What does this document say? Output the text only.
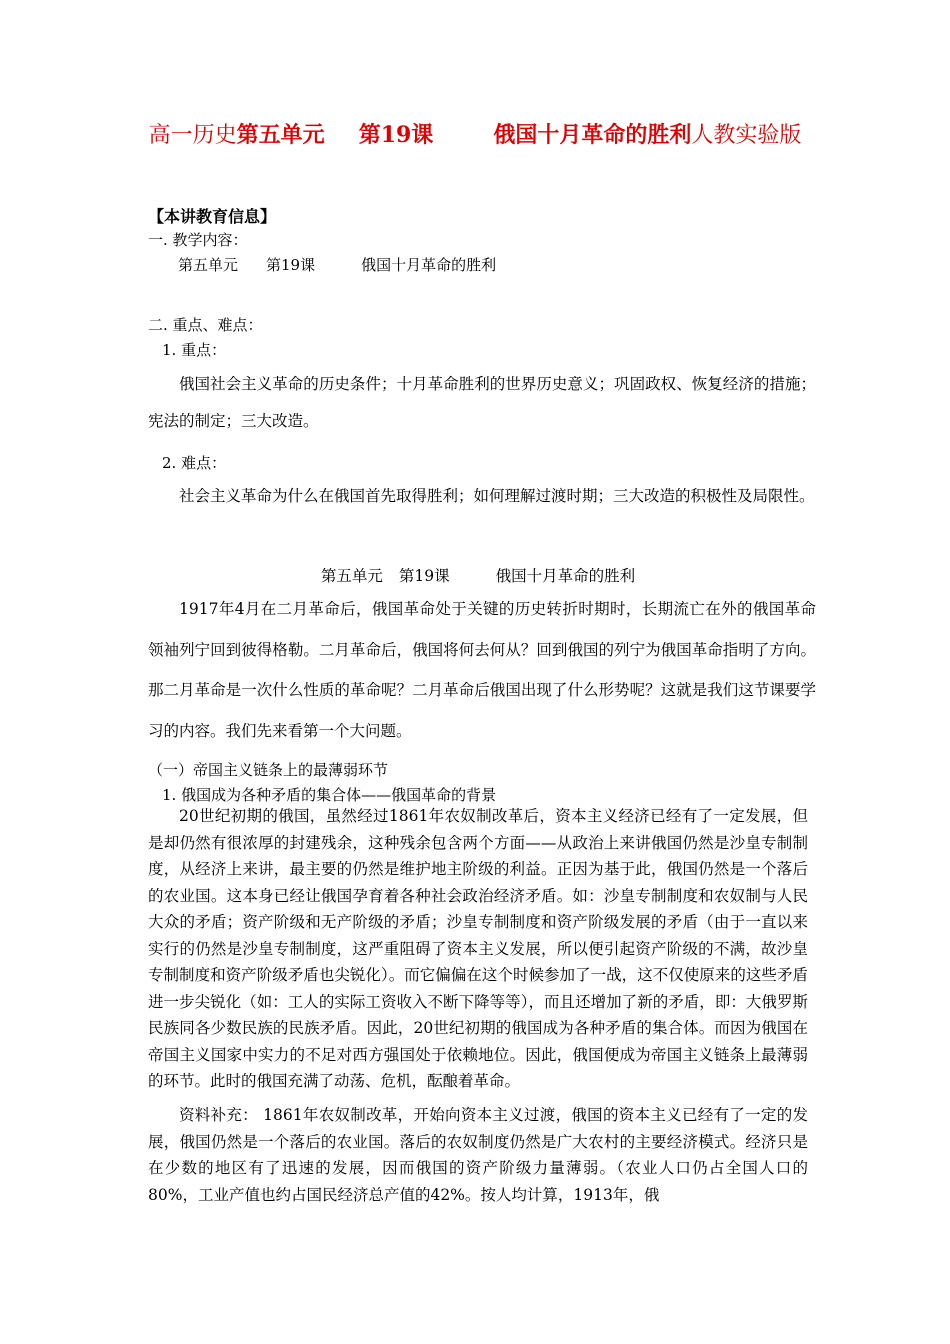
高一历史第五单元 第19课	俄国十月革命的胜利人教实验版
【本讲教育信息】
一. 教学内容：
第五单元 第19课	俄国十月革命的胜利
二. 重点、难点：
1. 重点：
俄国社会主义革命的历史条件；十月革命胜利的世界历史意义；巩固政权、恢复经济的措施；宪法的制定；三大改造。
2. 难点：
社会主义革命为什么在俄国首先取得胜利；如何理解过渡时期；三大改造的积极性及局限性。
第五单元 第19课	俄国十月革命的胜利
1917年4月在二月革命后，俄国革命处于关键的历史转折时期时，长期流亡在外的俄国革命领袖列宁回到彼得格勒。二月革命后，俄国将何去何从？回到俄国的列宁为俄国革命指明了方向。那二月革命是一次什么性质的革命呢？二月革命后俄国出现了什么形势呢？这就是我们这节课要学习的内容。我们先来看第一个大问题。
（一）帝国主义链条上的最薄弱环节
1. 俄国成为各种矛盾的集合体——俄国革命的背景
20世纪初期的俄国，虽然经过1861年农奴制改革后，资本主义经济已经有了一定发展，但是却仍然有很浓厚的封建残余，这种残余包含两个方面——从政治上来讲俄国仍然是沙皇专制制度，从经济上来讲，最主要的仍然是维护地主阶级的利益。正因为基于此，俄国仍然是一个落后的农业国。这本身已经让俄国孕育着各种社会政治经济矛盾。如：沙皇专制制度和农奴制与人民大众的矛盾；资产阶级和无产阶级的矛盾；沙皇专制制度和资产阶级发展的矛盾（由于一直以来实行的仍然是沙皇专制制度，这严重阻碍了资本主义发展，所以便引起资产阶级的不满，故沙皇专制制度和资产阶级矛盾也尖锐化）。而它偏偏在这个时候参加了一战，这不仅使原来的这些矛盾进一步尖锐化（如：工人的实际工资收入不断下降等等），而且还增加了新的矛盾，即：大俄罗斯民族同各少数民族的民族矛盾。因此，20世纪初期的俄国成为各种矛盾的集合体。而因为俄国在帝国主义国家中实力的不足对西方强国处于依赖地位。因此，俄国便成为帝国主义链条上最薄弱的环节。此时的俄国充满了动荡、危机，酝酿着革命。
资料补充： 1861年农奴制改革，开始向资本主义过渡，俄国的资本主义已经有了一定的发展，俄国仍然是一个落后的农业国。落后的农奴制度仍然是广大农村的主要经济模式。经济只是在少数的地区有了迅速的发展，因而俄国的资产阶级力量薄弱。（农业人口仍占全国人口的80%，工业产值也约占国民经济总产值的42%。按人均计算，1913年，俄
